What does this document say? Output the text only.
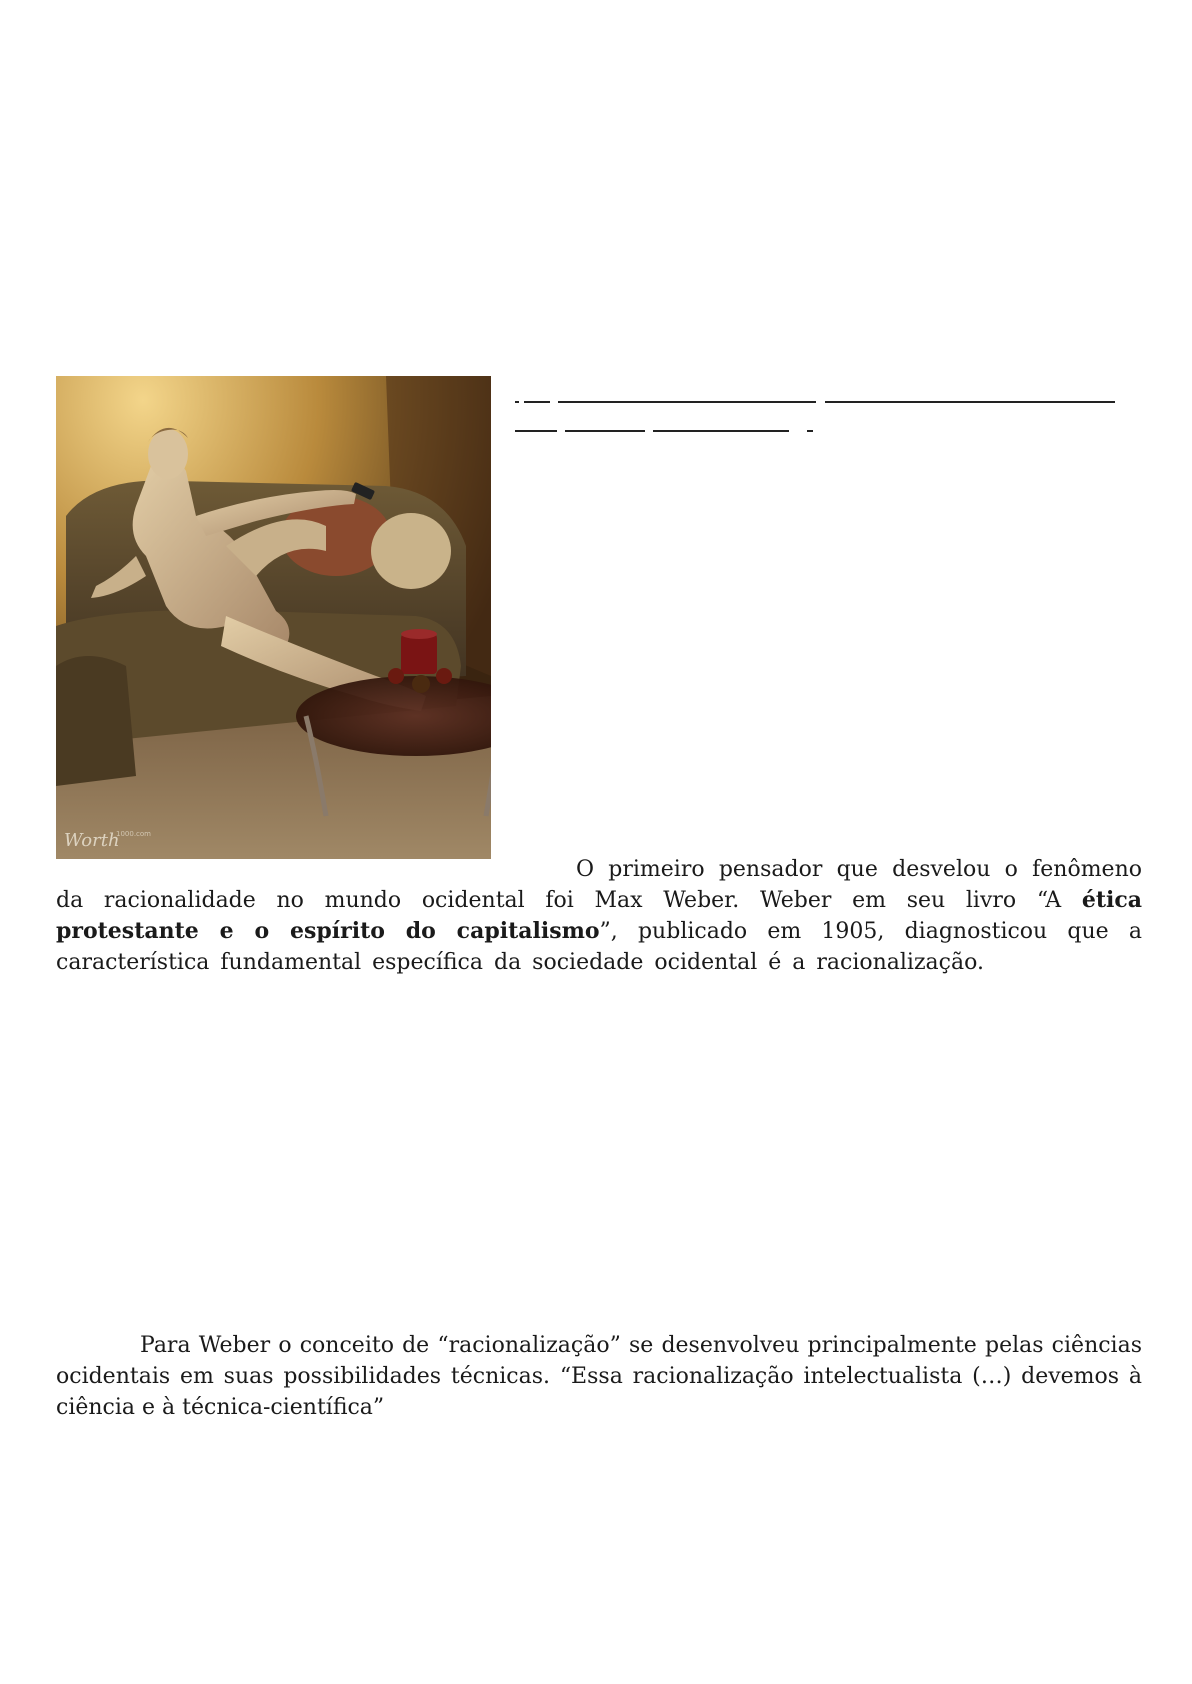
Worth
1000.com

O primeiro pensador que desvelou o fenômeno da racionalidade no mundo ocidental foi Max Weber. Weber em seu livro “A ética protestante e o espírito do capitalismo”, publicado em 1905, diagnosticou que a característica fundamental específica da sociedade ocidental é a racionalização.

Para Weber o conceito de “racionalização” se desenvolveu principalmente pelas ciências ocidentais em suas possibilidades técnicas. “Essa racionalização intelectualista (…) devemos à ciência e à técnica-científica”
